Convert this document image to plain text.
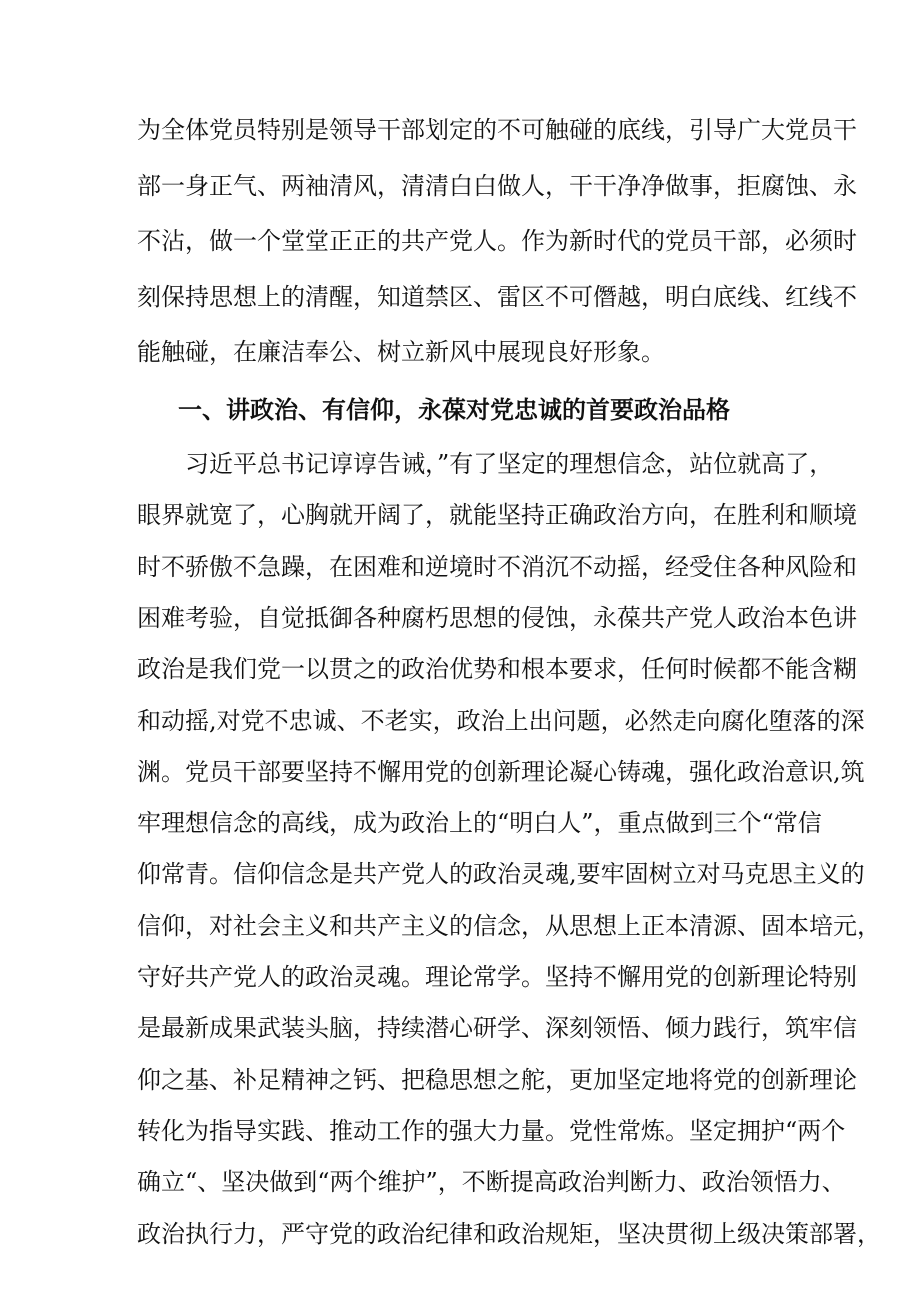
为全体党员特别是领导干部划定的不可触碰的底线，引导广大党员干
部一身正气、两袖清风，清清白白做人，干干净净做事，拒腐蚀、永
不沾，做一个堂堂正正的共产党人。作为新时代的党员干部，必须时
刻保持思想上的清醒，知道禁区、雷区不可僭越，明白底线、红线不
能触碰，在廉洁奉公、树立新风中展现良好形象。
一、讲政治、有信仰，永葆对党忠诚的首要政治品格
习近平总书记谆谆告诫，”有了坚定的理想信念，站位就高了，
眼界就宽了，心胸就开阔了，就能坚持正确政治方向，在胜利和顺境
时不骄傲不急躁，在困难和逆境时不消沉不动摇，经受住各种风险和
困难考验，自觉抵御各种腐朽思想的侵蚀，永葆共产党人政治本色讲
政治是我们党一以贯之的政治优势和根本要求，任何时候都不能含糊
和动摇,对党不忠诚、不老实，政治上出问题，必然走向腐化堕落的深
渊。党员干部要坚持不懈用党的创新理论凝心铸魂，强化政治意识,筑
牢理想信念的高线，成为政治上的“明白人”，重点做到三个“常信
仰常青。信仰信念是共产党人的政治灵魂,要牢固树立对马克思主义的
信仰，对社会主义和共产主义的信念，从思想上正本清源、固本培元，
守好共产党人的政治灵魂。理论常学。坚持不懈用党的创新理论特别
是最新成果武装头脑，持续潜心研学、深刻领悟、倾力践行，筑牢信
仰之基、补足精神之钙、把稳思想之舵，更加坚定地将党的创新理论
转化为指导实践、推动工作的强大力量。党性常炼。坚定拥护“两个
确立“、坚决做到“两个维护”，不断提高政治判断力、政治领悟力、
政治执行力，严守党的政治纪律和政治规矩，坚决贯彻上级决策部署，
